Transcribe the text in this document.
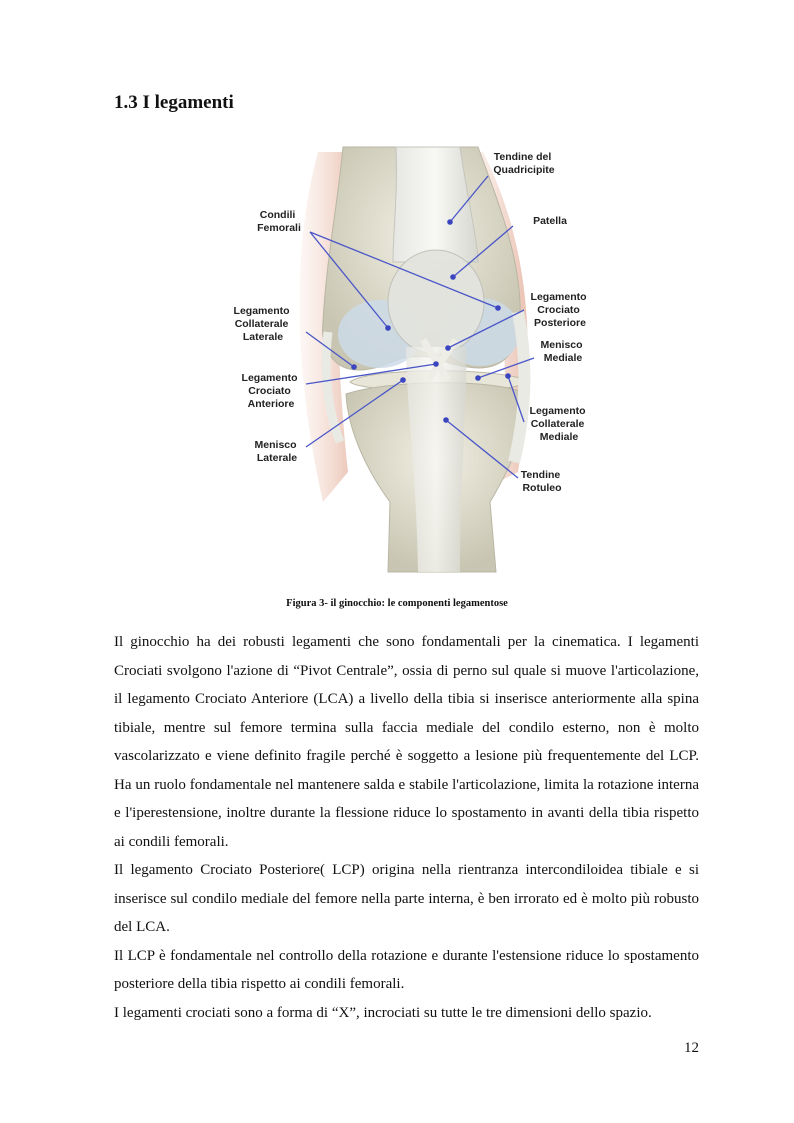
1.3 I legamenti
Tendine del Quadricipite
Condili Femorali
Patella
Legamento Collaterale Laterale
Legamento Crociato Posteriore
Menisco Mediale
Legamento Crociato Anteriore
Legamento Collaterale Mediale
Menisco Laterale
Tendine Rotuleo

Figura 3- il ginocchio: le componenti legamentose

Il ginocchio ha dei robusti legamenti che sono fondamentali per la cinematica. I legamenti Crociati svolgono l'azione di “Pivot Centrale”, ossia di perno sul quale si muove l'articolazione, il legamento Crociato Anteriore (LCA) a livello della tibia si inserisce anteriormente alla spina tibiale, mentre sul femore termina sulla faccia mediale del condilo esterno, non è molto vascolarizzato e viene definito fragile perché è soggetto a lesione più frequentemente del LCP. Ha un ruolo fondamentale nel mantenere salda e stabile l'articolazione, limita la rotazione interna e l'iperestensione, inoltre durante la flessione riduce lo spostamento in avanti della tibia rispetto ai condili femorali.

Il legamento Crociato Posteriore( LCP) origina nella rientranza intercondiloidea tibiale e si inserisce sul condilo mediale del femore nella parte interna, è ben irrorato ed è molto più robusto del LCA.

Il LCP è fondamentale nel controllo della rotazione e durante l'estensione riduce lo spostamento posteriore della tibia rispetto ai condili femorali.

I legamenti crociati sono a forma di “X”, incrociati su tutte le tre dimensioni dello spazio.

12
